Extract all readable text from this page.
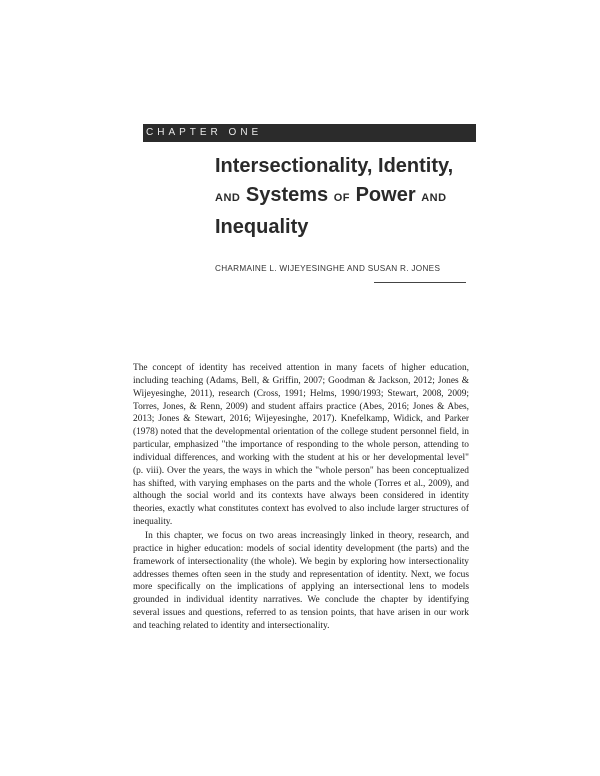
CHAPTER ONE
Intersectionality, Identity,
AND Systems OF Power AND
Inequality
CHARMAINE L. WIJEYESINGHE AND SUSAN R. JONES

The concept of identity has received attention in many facets of higher education, including teaching (Adams, Bell, & Griffin, 2007; Goodman & Jackson, 2012; Jones & Wijeyesinghe, 2011), research (Cross, 1991; Helms, 1990/1993; Stewart, 2008, 2009; Torres, Jones, & Renn, 2009) and student affairs practice (Abes, 2016; Jones & Abes, 2013; Jones & Stewart, 2016; Wijeyesinghe, 2017). Knefelkamp, Widick, and Parker (1978) noted that the developmental orientation of the college student personnel field, in particular, emphasized "the importance of responding to the whole person, attending to individual differences, and working with the student at his or her developmental level" (p. viii). Over the years, the ways in which the "whole person" has been conceptualized has shifted, with varying emphases on the parts and the whole (Torres et al., 2009), and although the social world and its contexts have always been considered in identity theories, exactly what constitutes context has evolved to also include larger structures of inequality.

In this chapter, we focus on two areas increasingly linked in theory, research, and practice in higher education: models of social identity development (the parts) and the framework of intersectionality (the whole). We begin by exploring how intersectionality addresses themes often seen in the study and representation of identity. Next, we focus more specifically on the implications of applying an intersectional lens to models grounded in individual identity narratives. We conclude the chapter by identifying several issues and questions, referred to as tension points, that have arisen in our work and teaching related to identity and intersectionality.
